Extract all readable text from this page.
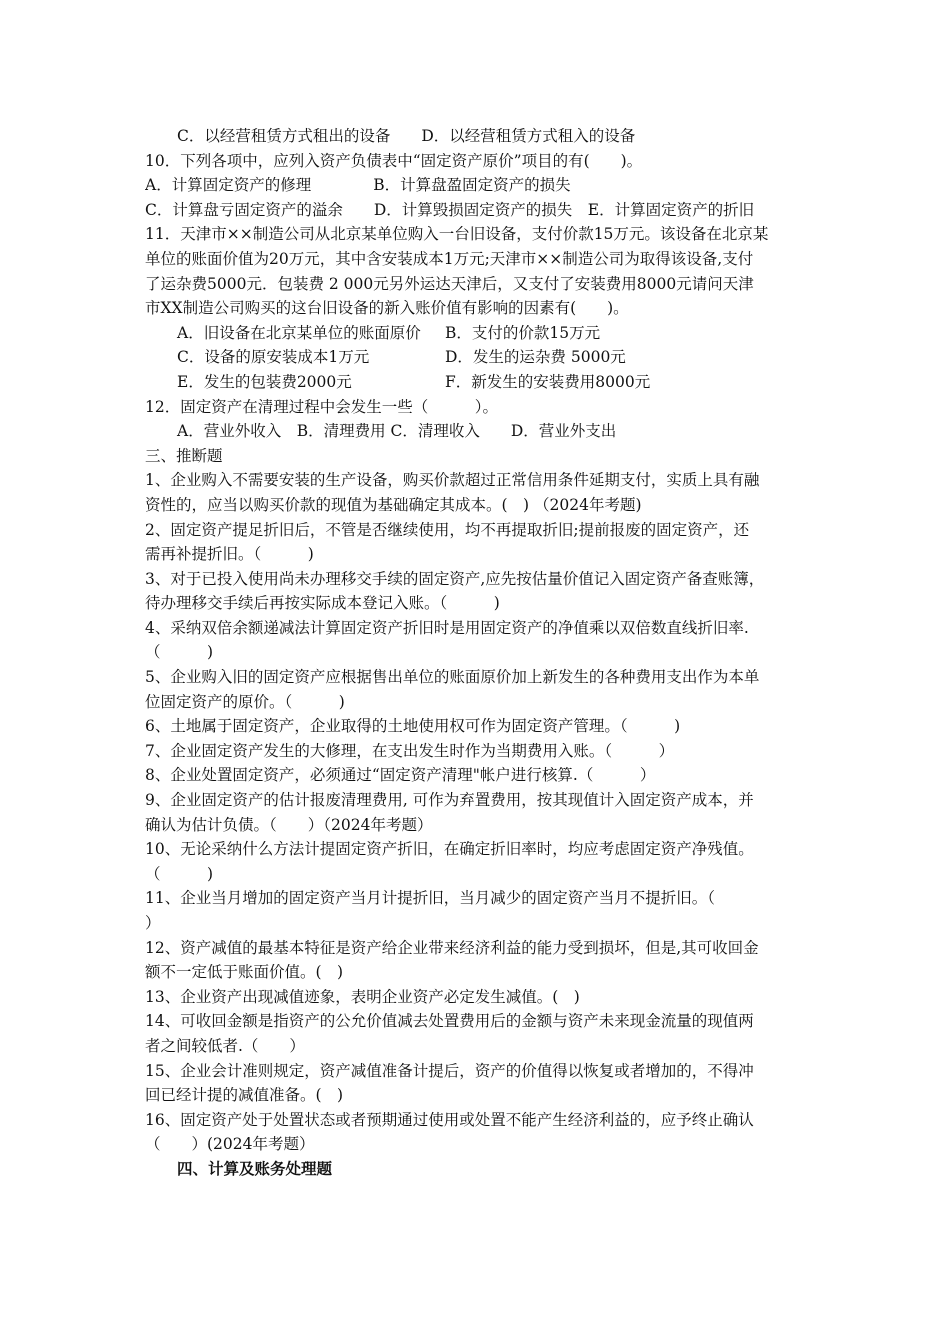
C．以经营租赁方式租出的设备　　D．以经营租赁方式租入的设备
10．下列各项中，应列入资产负债表中“固定资产原价”项目的有(　　)。
A．计算固定资产的修理　　　　B．计算盘盈固定资产的损失
C．计算盘亏固定资产的溢余　　D．计算毁损固定资产的损失　E．计算固定资产的折旧
11．天津市××制造公司从北京某单位购入一台旧设备，支付价款15万元。该设备在北京某
单位的账面价值为20万元，其中含安装成本1万元;天津市××制造公司为取得该设备,支付
了运杂费5000元．包装费 2 000元另外运达天津后，又支付了安装费用8000元请问天津
市XX制造公司购买的这台旧设备的新入账价值有影响的因素有(　　)。
A．旧设备在北京某单位的账面原价	B．支付的价款15万元
C．设备的原安装成本1万元	D．发生的运杂费 5000元
E．发生的包装费2000元	F．新发生的安装费用8000元
12．固定资产在清理过程中会发生一些（　　　）。
A．营业外收入　B．清理费用 C．清理收入　　D．营业外支出
三、推断题
1、企业购入不需要安装的生产设备，购买价款超过正常信用条件延期支付，实质上具有融
资性的，应当以购买价款的现值为基础确定其成本。(　) （2024年考题)
2、固定资产提足折旧后，不管是否继续使用，均不再提取折旧;提前报废的固定资产，还
需再补提折旧。（　　　)
3、对于已投入使用尚未办理移交手续的固定资产,应先按估量价值记入固定资产备查账簿，
待办理移交手续后再按实际成本登记入账。（　　　)
4、采纳双倍余额递减法计算固定资产折旧时是用固定资产的净值乘以双倍数直线折旧率.
（　　　)
5、企业购入旧的固定资产应根据售出单位的账面原价加上新发生的各种费用支出作为本单
位固定资产的原价。（　　　)
6、土地属于固定资产，企业取得的土地使用权可作为固定资产管理。（　　　)
7、企业固定资产发生的大修理，在支出发生时作为当期费用入账。（　　　）
8、企业处置固定资产，必须通过“固定资产清理"帐户进行核算.（　　　）
9、企业固定资产的估计报废清理费用, 可作为弃置费用，按其现值计入固定资产成本，并
确认为估计负债。（　　）（2024年考题）
10、无论采纳什么方法计提固定资产折旧，在确定折旧率时，均应考虑固定资产净残值。
（　　　)
11、企业当月增加的固定资产当月计提折旧，当月减少的固定资产当月不提折旧。（
）
12、资产减值的最基本特征是资产给企业带来经济利益的能力受到损坏，但是,其可收回金
额不一定低于账面价值。(　)
13、企业资产出现减值迹象，表明企业资产必定发生减值。(　)
14、可收回金额是指资产的公允价值减去处置费用后的金额与资产未来现金流量的现值两
者之间较低者.（　　）
15、企业会计准则规定，资产减值准备计提后，资产的价值得以恢复或者增加的，不得冲
回已经计提的减值准备。(　)
16、固定资产处于处置状态或者预期通过使用或处置不能产生经济利益的，应予终止确认
（　　）(2024年考题）
四、计算及账务处理题
